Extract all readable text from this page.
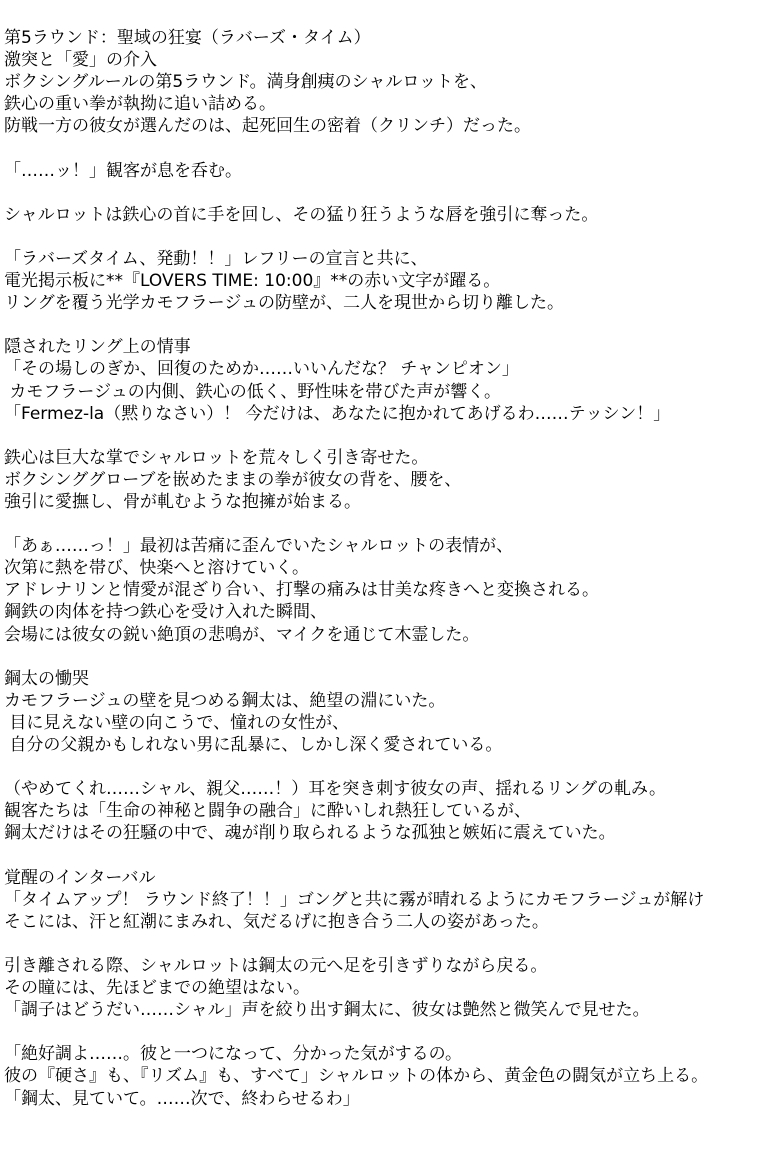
第5ラウンド：聖域の狂宴（ラバーズ・タイム）
激突と「愛」の介入
ボクシングルールの第5ラウンド。満身創痍のシャルロットを、
鉄心の重い拳が執拗に追い詰める。
防戦一方の彼女が選んだのは、起死回生の密着（クリンチ）だった。
「……ッ！」観客が息を呑む。
シャルロットは鉄心の首に手を回し、その猛り狂うような唇を強引に奪った。
「ラバーズタイム、発動！！」レフリーの宣言と共に、
電光掲示板に**『LOVERS TIME: 10:00』**の赤い文字が躍る。
リングを覆う光学カモフラージュの防壁が、二人を現世から切り離した。
隠されたリング上の情事
「その場しのぎか、回復のためか……いいんだな？ チャンピオン」
カモフラージュの内側、鉄心の低く、野性味を帯びた声が響く。
「Fermez-la（黙りなさい）！ 今だけは、あなたに抱かれてあげるわ……テッシン！」
鉄心は巨大な掌でシャルロットを荒々しく引き寄せた。
ボクシンググローブを嵌めたままの拳が彼女の背を、腰を、
強引に愛撫し、骨が軋むような抱擁が始まる。
「あぁ……っ！」最初は苦痛に歪んでいたシャルロットの表情が、
次第に熱を帯び、快楽へと溶けていく。
アドレナリンと情愛が混ざり合い、打撃の痛みは甘美な疼きへと変換される。
鋼鉄の肉体を持つ鉄心を受け入れた瞬間、
会場には彼女の鋭い絶頂の悲鳴が、マイクを通じて木霊した。
鋼太の慟哭
カモフラージュの壁を見つめる鋼太は、絶望の淵にいた。
目に見えない壁の向こうで、憧れの女性が、
自分の父親かもしれない男に乱暴に、しかし深く愛されている。
（やめてくれ……シャル、親父……！）耳を突き刺す彼女の声、揺れるリングの軋み。
観客たちは「生命の神秘と闘争の融合」に酔いしれ熱狂しているが、
鋼太だけはその狂騒の中で、魂が削り取られるような孤独と嫉妬に震えていた。
覚醒のインターバル
「タイムアップ！ ラウンド終了！！」ゴングと共に霧が晴れるようにカモフラージュが解け
そこには、汗と紅潮にまみれ、気だるげに抱き合う二人の姿があった。
引き離される際、シャルロットは鋼太の元へ足を引きずりながら戻る。
その瞳には、先ほどまでの絶望はない。
「調子はどうだい……シャル」声を絞り出す鋼太に、彼女は艶然と微笑んで見せた。
「絶好調よ……。彼と一つになって、分かった気がするの。
彼の『硬さ』も、『リズム』も、すべて」シャルロットの体から、黄金色の闘気が立ち上る。
「鋼太、見ていて。……次で、終わらせるわ」
